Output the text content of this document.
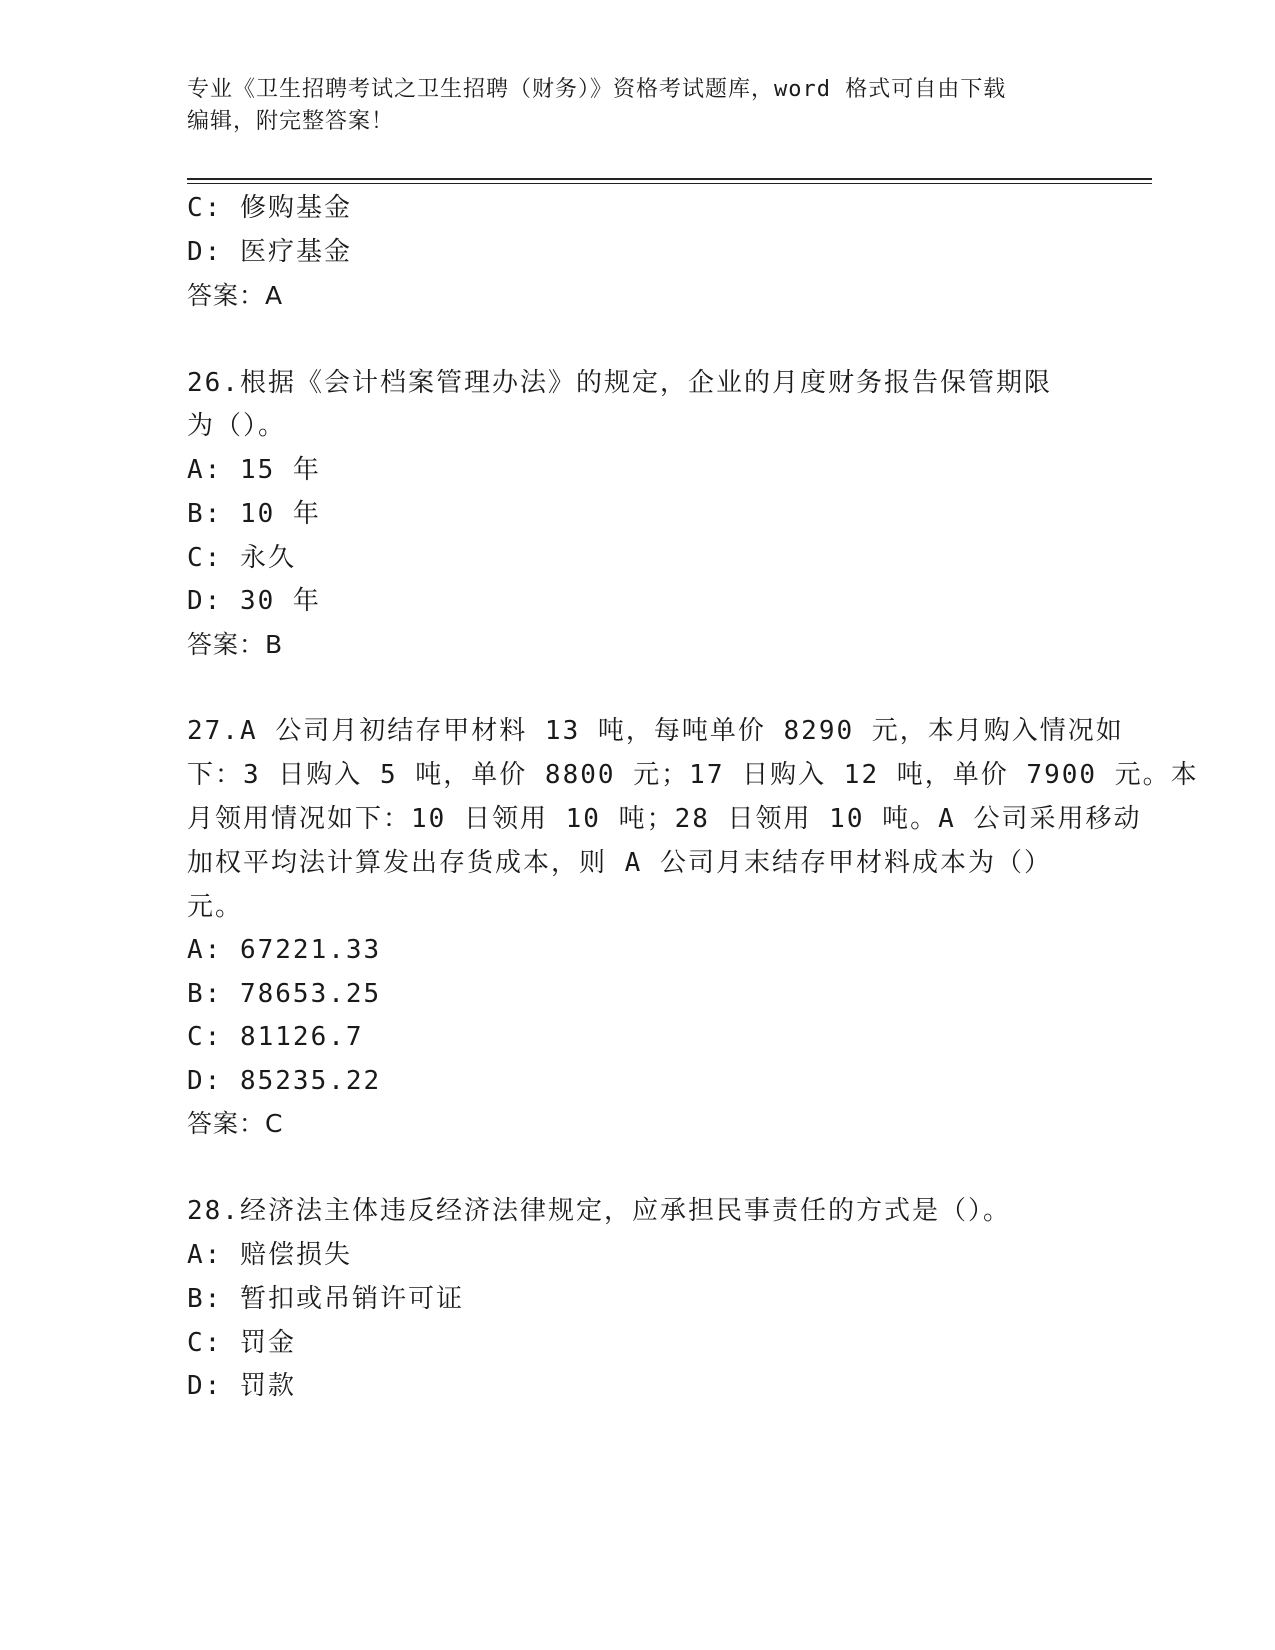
专业《卫生招聘考试之卫生招聘（财务）》资格考试题库，word 格式可自由下载
编辑，附完整答案！
C: 修购基金
D: 医疗基金
答案：A
26.根据《会计档案管理办法》的规定，企业的月度财务报告保管期限
为（）。
A: 15 年
B: 10 年
C: 永久
D: 30 年
答案：B
27.A 公司月初结存甲材料 13 吨，每吨单价 8290 元，本月购入情况如
下：3 日购入 5 吨，单价 8800 元；17 日购入 12 吨，单价 7900 元。本
月领用情况如下：10 日领用 10 吨；28 日领用 10 吨。A 公司采用移动
加权平均法计算发出存货成本，则 A 公司月末结存甲材料成本为（）
元。
A: 67221.33
B: 78653.25
C: 81126.7
D: 85235.22
答案：C
28.经济法主体违反经济法律规定，应承担民事责任的方式是（）。
A: 赔偿损失
B: 暂扣或吊销许可证
C: 罚金
D: 罚款
